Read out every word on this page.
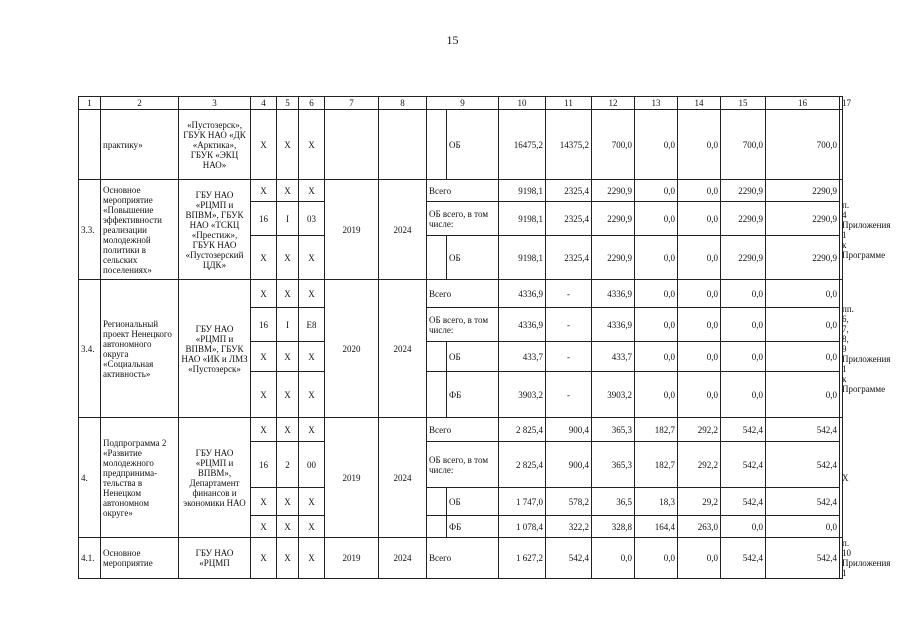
15
1	2	3	4	5	6	7	8	9		10	11	12	13	14	15	16	17
	практику»	«Пустозерск», ГБУК НАО «ДК «Арктика», ГБУК «ЭКЦ НАО»	Х	Х	Х				ОБ	16475,2	14375,2	700,0	0,0	0,0	700,0	700,0	
3.3.	Основное мероприятие «Повышение эффективности реализации молодежной политики в сельских поселениях»	ГБУ НАО «РЦМП и ВПВМ», ГБУК НАО «ТСКЦ «Престиж», ГБУК НАО «Пустозерский ЦДК»	Х	Х	Х	2019	2024	Всего		9198,1	2325,4	2290,9	0,0	0,0	2290,9	2290,9	п. 4 Приложения 1 к Программе
			16	I	03			ОБ всего, в том числе:		9198,1	2325,4	2290,9	0,0	0,0	2290,9	2290,9	
			Х	Х	Х				ОБ	9198,1	2325,4	2290,9	0,0	0,0	2290,9	2290,9	
3.4.	Региональный проект Ненецкого автономного округа «Социальная активность»	ГБУ НАО «РЦМП и ВПВМ», ГБУК НАО «ИК и ЛМЗ «Пустозерск»	Х	Х	Х	2020	2024	Всего		4336,9	-	4336,9	0,0	0,0	0,0	0,0	пп. 6, 7, 8, 9 Приложения 1 к Программе
			16	I	Е8			ОБ всего, в том числе:		4336,9	-	4336,9	0,0	0,0	0,0	0,0	
			Х	Х	Х				ОБ	433,7	-	433,7	0,0	0,0	0,0	0,0	
			Х	Х	Х				ФБ	3903,2	-	3903,2	0,0	0,0	0,0	0,0	
4.	Подпрограмма 2 «Развитие молодежного предпринима-тельства в Ненецком автономном округе»	ГБУ НАО «РЦМП и ВПВМ», Департамент финансов и экономики НАО	Х	Х	Х	2019	2024	Всего		2 825,4	900,4	365,3	182,7	292,2	542,4	542,4	Х
			16	2	00			ОБ всего, в том числе:		2 825,4	900,4	365,3	182,7	292,2	542,4	542,4	
			Х	Х	Х				ОБ	1 747,0	578,2	36,5	18,3	29,2	542,4	542,4	
			Х	Х	Х				ФБ	1 078,4	322,2	328,8	164,4	263,0	0,0	0,0	
4.1.	Основное мероприятие	ГБУ НАО «РЦМП	Х	Х	Х	2019	2024	Всего		1 627,2	542,4	0,0	0,0	0,0	542,4	542,4	п. 10 Приложения 1
